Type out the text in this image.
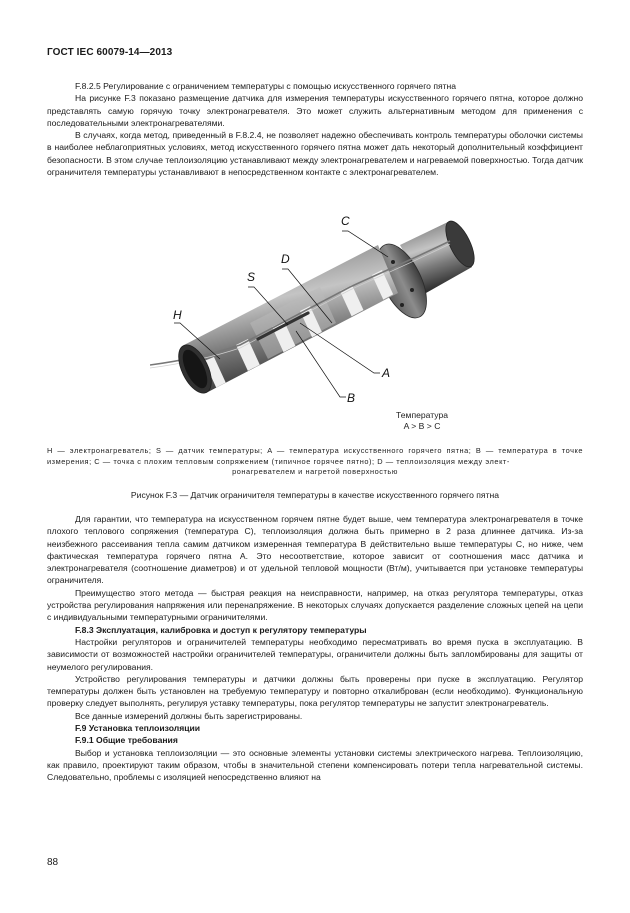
ГОСТ IEC 60079-14—2013

F.8.2.5 Регулирование с ограничением температуры с помощью искусственного горячего пятна

На рисунке F.3 показано размещение датчика для измерения температуры искусственного горячего пятна, которое должно представлять самую горячую точку электронагревателя. Это может служить альтернативным методом для применения с последовательными электронагревателями.

В случаях, когда метод, приведенный в F.8.2.4, не позволяет надежно обеспечивать контроль температуры оболочки системы в наиболее неблагоприятных условиях, метод искусственного горячего пятна может дать некоторый дополнительный коэффициент безопасности. В этом случае теплоизоляцию устанавливают между электронагревателем и нагреваемой поверхностью. Тогда датчик ограничителя температуры устанавливают в непосредственном контакте с электронагревателем.

C
D
S
H
A
B
Температура
A > B > C
H — электронагреватель; S — датчик температуры; A — температура искусственного горячего пятна; B — температура в точке измерения; C — точка с плохим тепловым сопряжением (типичное горячее пятно); D — теплоизоляция между элект-
ронагревателем и нагретой поверхностью
Рисунок F.3 — Датчик ограничителя температуры в качестве искусственного горячего пятна

Для гарантии, что температура на искусственном горячем пятне будет выше, чем температура электронагревателя в точке плохого теплового сопряжения (температура C), теплоизоляция должна быть примерно в 2 раза длиннее датчика. Из-за неизбежного рассеивания тепла самим датчиком измеренная температура В действительно выше температуры С, но ниже, чем фактическая температура горячего пятна А. Это несоответствие, которое зависит от соотношения масс датчика и электронагревателя (соотношение диаметров) и от удельной тепловой мощности (Вт/м), учитывается при установке температуры ограничителя.

Преимущество этого метода — быстрая реакция на неисправности, например, на отказ регулятора температуры, отказ устройства регулирования напряжения или перенапряжение. В некоторых случаях допускается разделение сложных цепей на цепи с индивидуальными температурными ограничителями.

F.8.3 Эксплуатация, калибровка и доступ к регулятору температуры

Настройки регуляторов и ограничителей температуры необходимо пересматривать во время пуска в эксплуатацию. В зависимости от возможностей настройки ограничителей температуры, ограничители должны быть запломбированы для защиты от неумелого регулирования.

Устройство регулирования температуры и датчики должны быть проверены при пуске в эксплуатацию. Регулятор температуры должен быть установлен на требуемую температуру и повторно откалиброван (если необходимо). Функциональную проверку следует выполнять, регулируя уставку температуры, пока регулятор температуры не запустит электронагреватель.

Все данные измерений должны быть зарегистрированы.

F.9 Установка теплоизоляции

F.9.1 Общие требования

Выбор и установка теплоизоляции — это основные элементы установки системы электрического нагрева. Теплоизоляцию, как правило, проектируют таким образом, чтобы в значительной степени компенсировать потери тепла нагревательной системы. Следовательно, проблемы с изоляцией непосредственно влияют на

88
